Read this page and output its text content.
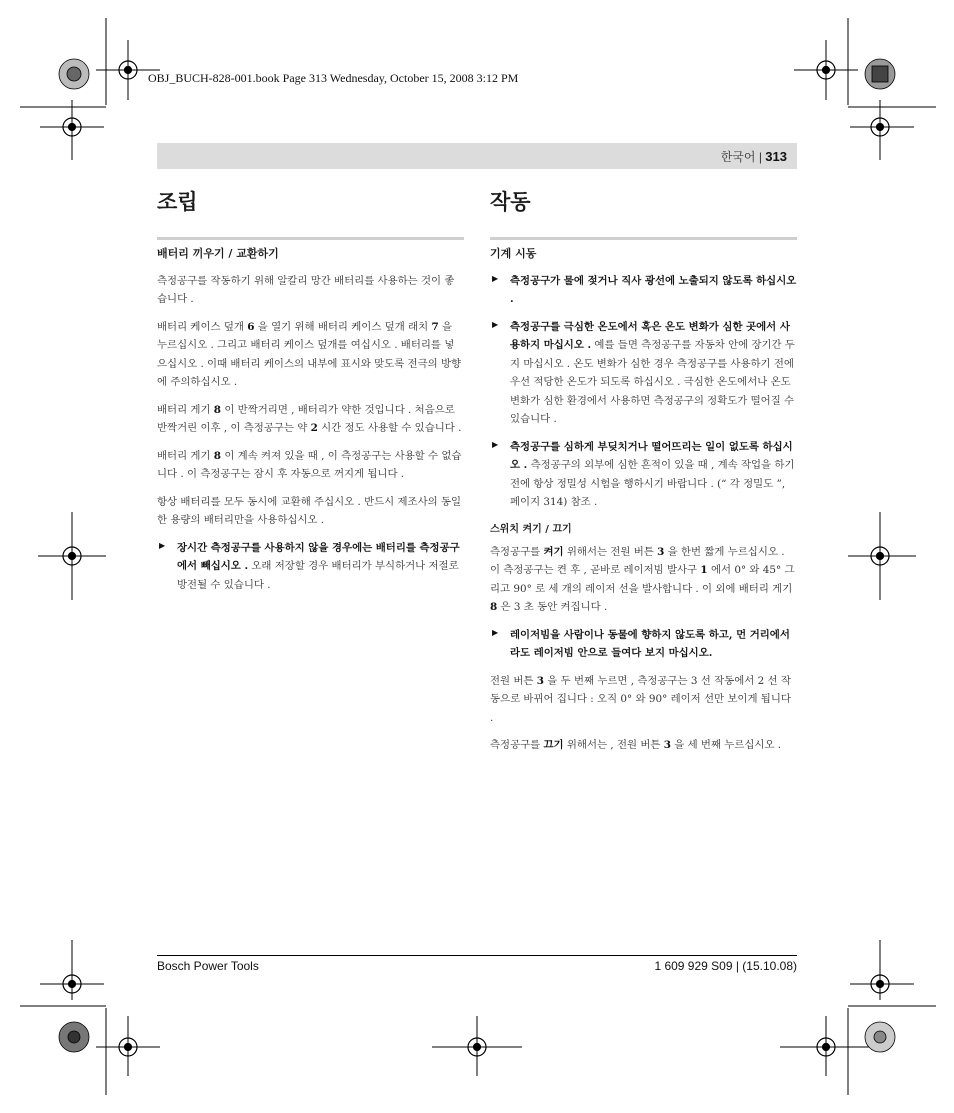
OBJ_BUCH-828-001.book Page 313 Wednesday, October 15, 2008 3:12 PM
한국어 | 313
조립
배터리 끼우기 / 교환하기

측정공구를 작동하기 위해 알칼리 망간 배터리를 사용하는 것이 좋습니다 .

배터리 케이스 덮개 6 을 열기 위해 배터리 케이스 덮개 래치 7 을 누르십시오 . 그리고 배터리 케이스 덮개를 여십시오 . 배터리를 넣으십시오 . 이때 배터리 케이스의 내부에 표시와 맞도록 전극의 방향에 주의하십시오 .

배터리 게기 8 이 반짝거리면 , 배터리가 약한 것입니다 . 처음으로 반짝거린 이후 , 이 측정공구는 약 2 시간 정도 사용할 수 있습니다 .

배터리 게기 8 이 계속 켜져 있을 때 , 이 측정공구는 사용할 수 없습니다 . 이 측정공구는 잠시 후 자동으로 꺼지게 됩니다 .

항상 배터리를 모두 동시에 교환해 주십시오 . 반드시 제조사의 동일한 용량의 배터리만을 사용하십시오 .

▶ 장시간 측정공구를 사용하지 않을 경우에는 배터리를 측정공구에서 빼십시오 . 오래 저장할 경우 배터리가 부식하거나 저절로 방전될 수 있습니다 .
작동
기계 시동
▶ 측정공구가 물에 젖거나 직사 광선에 노출되지 않도록 하십시오 .
▶ 측정공구를 극심한 온도에서 혹은 온도 변화가 심한 곳에서 사용하지 마십시오 . 예를 들면 측정공구를 자동차 안에 장기간 두지 마십시오 . 온도 변화가 심한 경우 측정공구를 사용하기 전에 우선 적당한 온도가 되도록 하십시오 . 극심한 온도에서나 온도 변화가 심한 환경에서 사용하면 측정공구의 정확도가 떨어질 수 있습니다 .
▶ 측정공구를 심하게 부딪치거나 떨어뜨리는 일이 없도록 하십시오 . 측정공구의 외부에 심한 흔적이 있을 때 , 계속 작업을 하기 전에 항상 정밀성 시험을 행하시기 바랍니다 . (“ 각 정밀도 ”, 페이지 314) 참조 .
스위치 켜기 / 끄기

측정공구를 켜기 위해서는 전원 버튼 3 을 한번 짧게 누르십시오 . 이 측정공구는 켠 후 , 곧바로 레이저빔 발사구 1 에서 0° 와 45° 그리고 90° 로 세 개의 레이저 선을 발사합니다 . 이 외에 배터리 게기 8 은 3 초 동안 켜집니다 .

▶ 레이저빔을 사람이나 동물에 향하지 않도록 하고, 먼 거리에서라도 레이저빔 안으로 들여다 보지 마십시오.

전원 버튼 3 을 두 번째 누르면 , 측정공구는 3 선 작동에서 2 선 작동으로 바뀌어 집니다 : 오직 0° 와 90° 레이저 선만 보이게 됩니다 .

측정공구를 끄기 위해서는 , 전원 버튼 3 을 세 번째 누르십시오 .

Bosch Power Tools	1 609 929 S09 | (15.10.08)
